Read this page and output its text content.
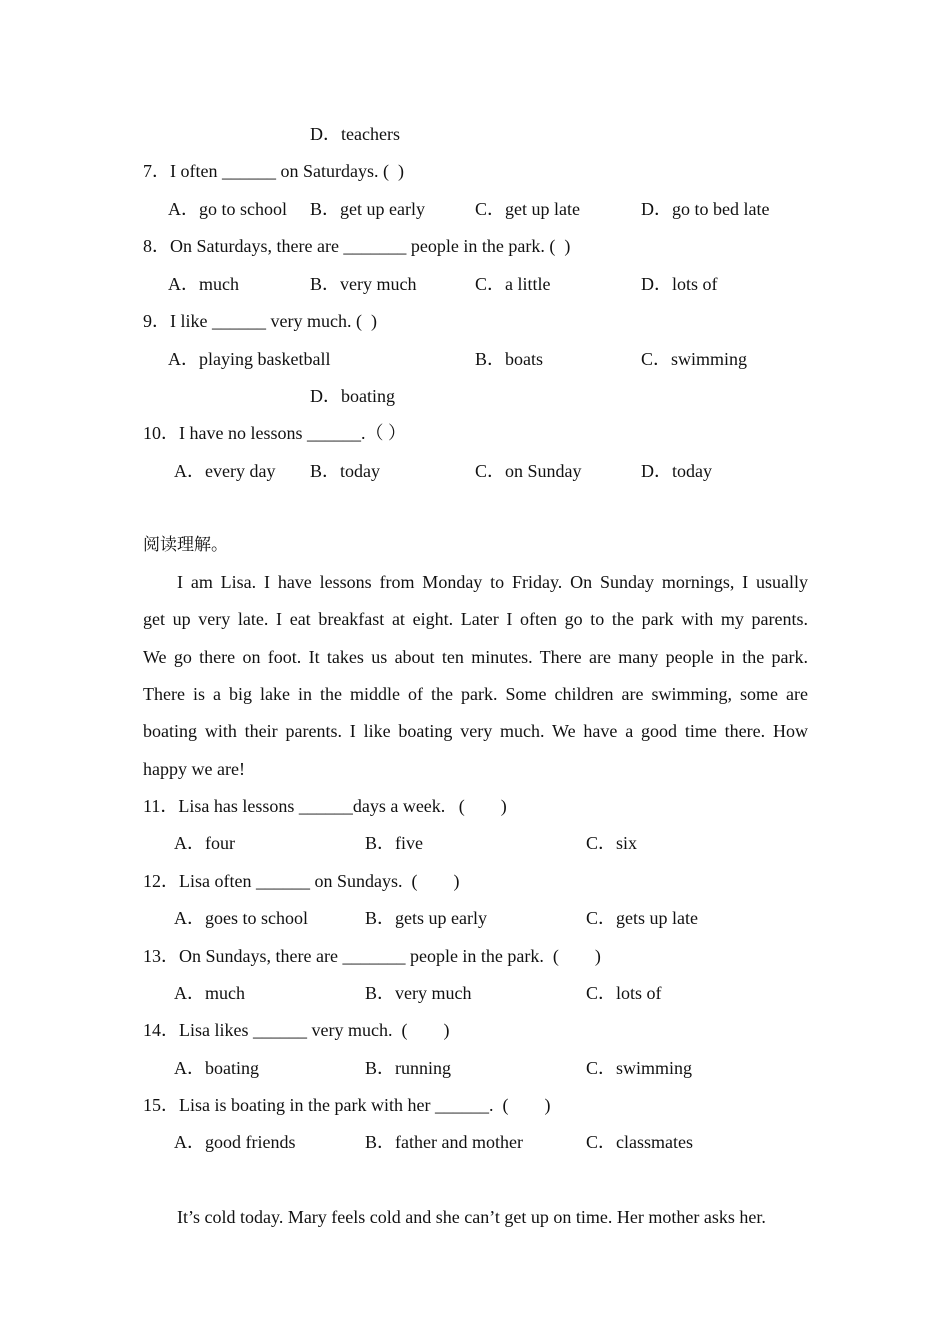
D．teachers
7．I often ______ on Saturdays. (  )
A．go to school B．get up early	C．get up late	D．go to bed late
8．On Saturdays, there are _______ people in the park. (  )
A．much	B．very much	C．a little	D．lots of
9．I like ______ very much. (  )
A．playing basketball	B．boats	C．swimming
D．boating
10．I have no lessons ______.（ ）
A．every day B．today	C．on Sunday	D．today
阅读理解。
I am Lisa. I have lessons from Monday to Friday. On Sunday mornings, I usually
get up very late. I eat breakfast at eight. Later I often go to the park with my parents.
We go there on foot. It takes us about ten minutes. There are many people in the park.
There is a big lake in the middle of the park. Some children are swimming, some are
boating with their parents. I like boating very much. We have a good time there. How
happy we are!
11．Lisa has lessons ______days a week.   (        )
A．four	B．five	C．six
12．Lisa often ______ on Sundays.  (        )
A．goes to school	B．gets up early	C．gets up late
13．On Sundays, there are _______ people in the park.  (        )
A．much	B．very much	C．lots of
14．Lisa likes ______ very much.  (        )
A．boating	B．running	C．swimming
15．Lisa is boating in the park with her ______.  (        )
A．good friends	B．father and mother	C．classmates
It’s cold today. Mary feels cold and she can’t get up on time. Her mother asks her.
